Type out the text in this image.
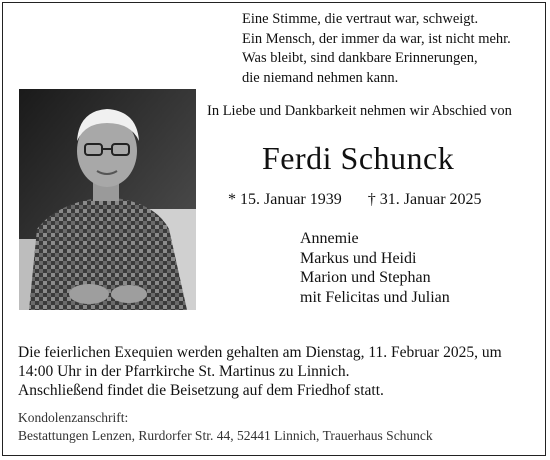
Eine Stimme, die vertraut war, schweigt.
Ein Mensch, der immer da war, ist nicht mehr.
Was bleibt, sind dankbare Erinnerungen,
die niemand nehmen kann.
In Liebe und Dankbarkeit nehmen wir Abschied von
Ferdi Schunck
* 15. Januar 1939 † 31. Januar 2025
Annemie
Markus und Heidi
Marion und Stephan
mit Felicitas und Julian
Die feierlichen Exequien werden gehalten am Dienstag, 11. Februar 2025, um
14:00 Uhr in der Pfarrkirche St. Martinus zu Linnich.
Anschließend findet die Beisetzung auf dem Friedhof statt.
Kondolenzanschrift:
Bestattungen Lenzen, Rurdorfer Str. 44, 52441 Linnich, Trauerhaus Schunck
